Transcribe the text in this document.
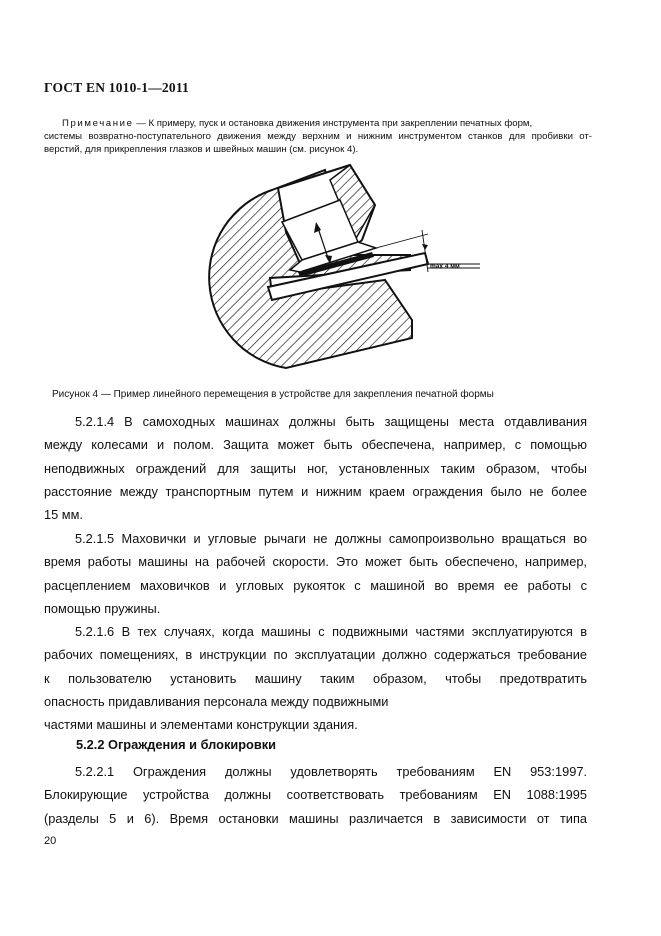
ГОСТ EN 1010-1—2011
Примечание — К примеру, пуск и остановка движения инструмента при закреплении печатных форм,
системы возвратно-поступательного движения между верхним и нижним инструментом станков для пробивки от-
верстий, для прикрепления глазков и швейных машин (см. рисунок 4).
max 4 мм
Рисунок 4 — Пример линейного перемещения в устройстве для закрепления печатной формы
5.2.1.4 В самоходных машинах должны быть защищены места отдавливания
между колесами и полом. Защита может быть обеспечена, например, с помощью
неподвижных ограждений для защиты ног, установленных таким образом, чтобы
расстояние между транспортным путем и нижним краем ограждения было не более
15 мм.
5.2.1.5 Маховички и угловые рычаги не должны самопроизвольно вращаться во
время работы машины на рабочей скорости. Это может быть обеспечено, например,
расцеплением маховичков и угловых рукояток с машиной во время ее работы с
помощью пружины.
5.2.1.6 В тех случаях, когда машины с подвижными частями эксплуатируются в
рабочих помещениях, в инструкции по эксплуатации должно содержаться требование
к пользователю установить машину таким образом, чтобы предотвратить
опасность придавливания персонала между подвижными
частями машины и элементами конструкции здания.
5.2.2 Ограждения и блокировки
5.2.2.1 Ограждения должны удовлетворять требованиям EN 953:1997.
Блокирующие устройства должны соответствовать требованиям EN 1088:1995
(разделы 5 и 6). Время остановки машины различается в зависимости от типа
20
